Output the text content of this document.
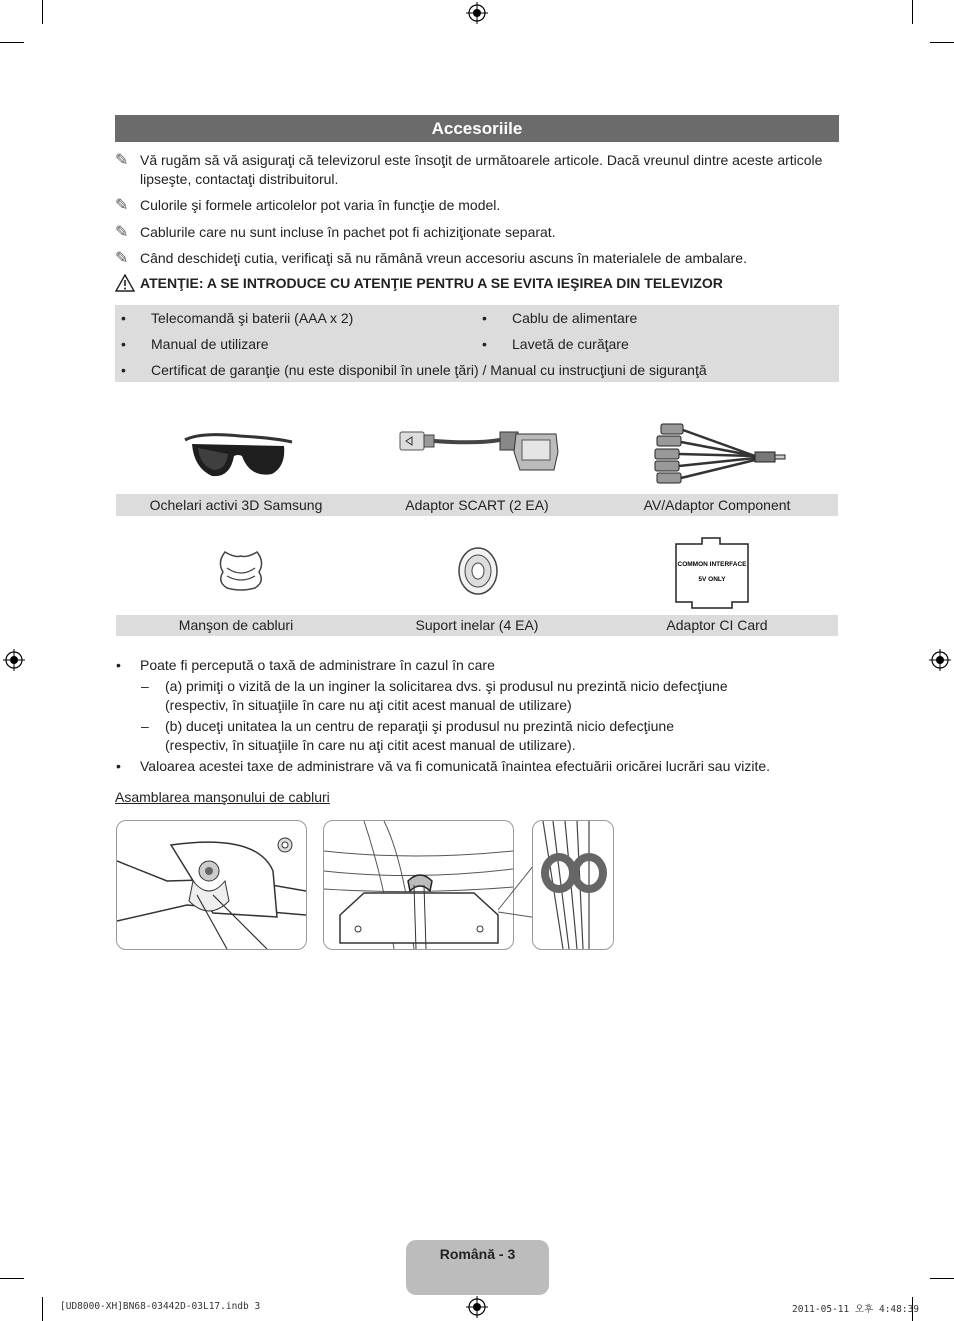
Accesoriile
✎ Vă rugăm să vă asiguraţi că televizorul este însoţit de următoarele articole. Dacă vreunul dintre aceste articole lipseşte, contactaţi distribuitorul.
✎ Culorile şi formele articolelor pot varia în funcţie de model.
✎ Cablurile care nu sunt incluse în pachet pot fi achiziţionate separat.
✎ Când deschideţi cutia, verificaţi să nu rămână vreun accesoriu ascuns în materialele de ambalare.
ATENŢIE: A SE INTRODUCE CU ATENŢIE PENTRU A SE EVITA IEŞIREA DIN TELEVIZOR
• Telecomandă şi baterii (AAA x 2)	• Cablu de alimentare
• Manual de utilizare	• Lavetă de curăţare
• Certificat de garanţie (nu este disponibil în unele ţări) / Manual cu instrucţiuni de siguranţă
Ochelari activi 3D Samsung	Adaptor SCART (2 EA)	AV/Adaptor Component
COMMON INTERFACE
5V ONLY
Manşon de cabluri	Suport inelar (4 EA)	Adaptor CI Card
• Poate fi percepută o taxă de administrare în cazul în care
– (a) primiţi o vizită de la un inginer la solicitarea dvs. şi produsul nu prezintă nicio defecţiune
(respectiv, în situaţiile în care nu aţi citit acest manual de utilizare)
– (b) duceţi unitatea la un centru de reparaţii şi produsul nu prezintă nicio defecţiune
(respectiv, în situaţiile în care nu aţi citit acest manual de utilizare).
• Valoarea acestei taxe de administrare vă va fi comunicată înaintea efectuării oricărei lucrări sau vizite.
Asamblarea manşonului de cabluri
Română - 3
[UD8000-XH]BN68-03442D-03L17.indb 3	2011-05-11 오후 4:48:39
